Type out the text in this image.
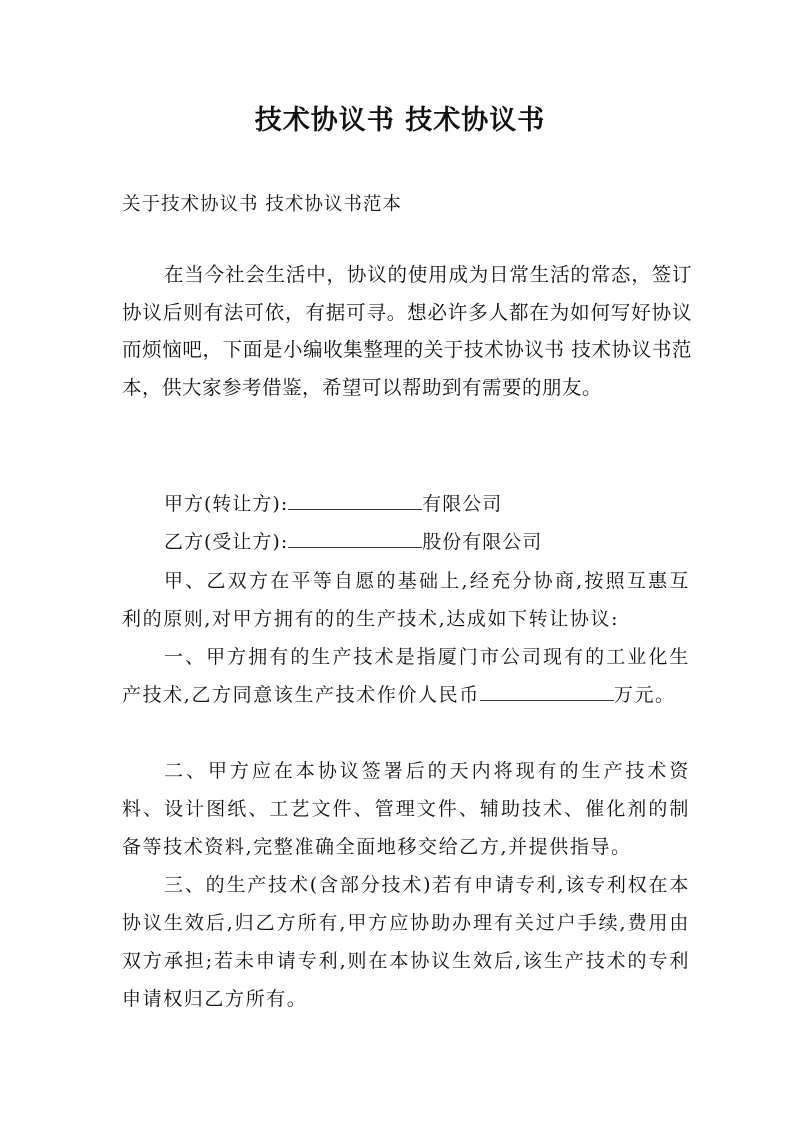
技术协议书 技术协议书
关于技术协议书 技术协议书范本

在当今社会生活中，协议的使用成为日常生活的常态，签订协议后则有法可依，有据可寻。想必许多人都在为如何写好协议而烦恼吧，下面是小编收集整理的关于技术协议书 技术协议书范本，供大家参考借鉴，希望可以帮助到有需要的朋友。

甲方(转让方):	有限公司
乙方(受让方):	股份有限公司

甲、乙双方在平等自愿的基础上,经充分协商,按照互惠互利的原则,对甲方拥有的的生产技术,达成如下转让协议:

一、甲方拥有的生产技术是指厦门市公司现有的工业化生产技术,乙方同意该生产技术作价人民币	万元。

二、甲方应在本协议签署后的天内将现有的生产技术资料、设计图纸、工艺文件、管理文件、辅助技术、催化剂的制备等技术资料,完整准确全面地移交给乙方,并提供指导。

三、的生产技术(含部分技术)若有申请专利,该专利权在本协议生效后,归乙方所有,甲方应协助办理有关过户手续,费用由双方承担;若未申请专利,则在本协议生效后,该生产技术的专利申请权归乙方所有。
